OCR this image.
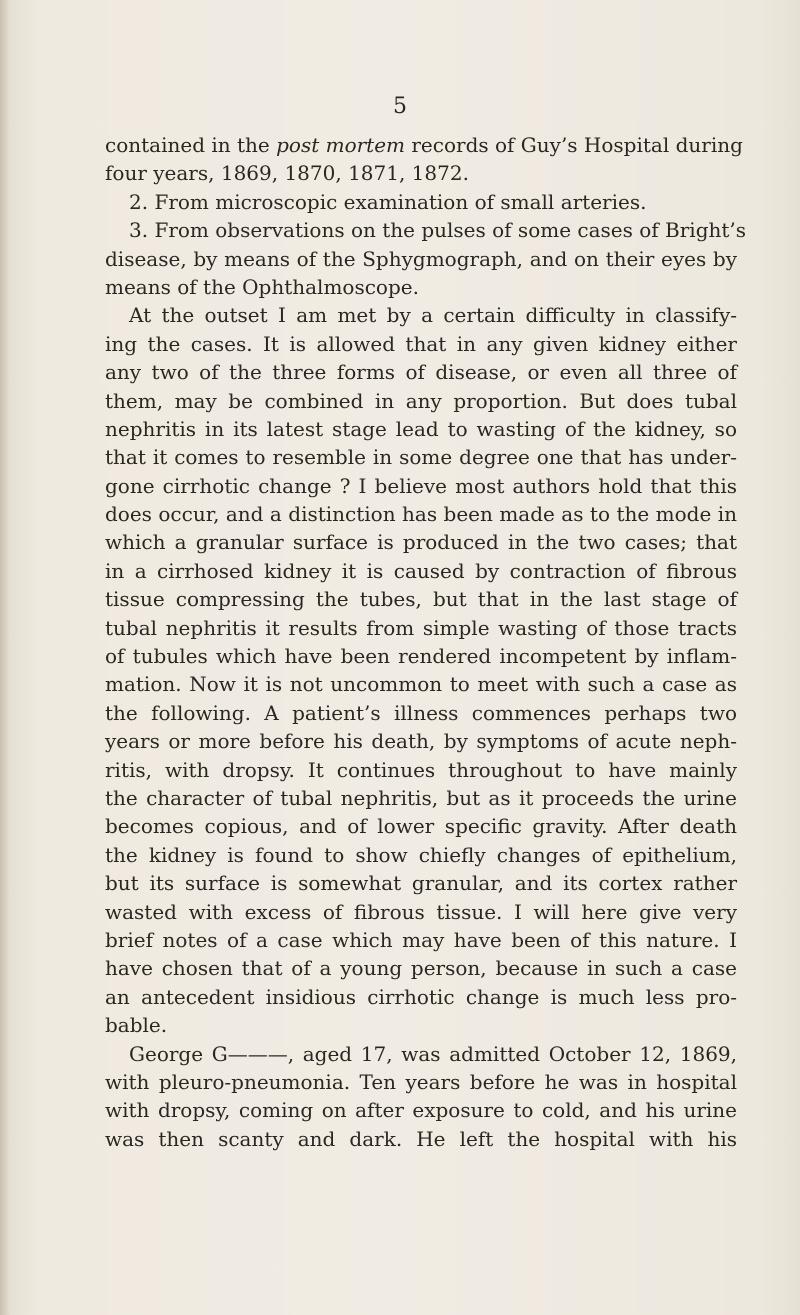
5
contained in the post mortem records of Guy’s Hospital during
four years, 1869, 1870, 1871, 1872.
2. From microscopic examination of small arteries.
3. From observations on the pulses of some cases of Bright’s
disease, by means of the Sphygmograph, and on their eyes by
means of the Ophthalmoscope.
At the outset I am met by a certain difficulty in classify-
ing the cases. It is allowed that in any given kidney either
any two of the three forms of disease, or even all three of
them, may be combined in any proportion. But does tubal
nephritis in its latest stage lead to wasting of the kidney, so
that it comes to resemble in some degree one that has under-
gone cirrhotic change ? I believe most authors hold that this
does occur, and a distinction has been made as to the mode in
which a granular surface is produced in the two cases; that
in a cirrhosed kidney it is caused by contraction of fibrous
tissue compressing the tubes, but that in the last stage of
tubal nephritis it results from simple wasting of those tracts
of tubules which have been rendered incompetent by inflam-
mation. Now it is not uncommon to meet with such a case as
the following. A patient’s illness commences perhaps two
years or more before his death, by symptoms of acute neph-
ritis, with dropsy. It continues throughout to have mainly
the character of tubal nephritis, but as it proceeds the urine
becomes copious, and of lower specific gravity. After death
the kidney is found to show chiefly changes of epithelium,
but its surface is somewhat granular, and its cortex rather
wasted with excess of fibrous tissue. I will here give very
brief notes of a case which may have been of this nature. I
have chosen that of a young person, because in such a case
an antecedent insidious cirrhotic change is much less pro-
bable.
George G———, aged 17, was admitted October 12, 1869,
with pleuro-pneumonia. Ten years before he was in hospital
with dropsy, coming on after exposure to cold, and his urine
was then scanty and dark. He left the hospital with his
